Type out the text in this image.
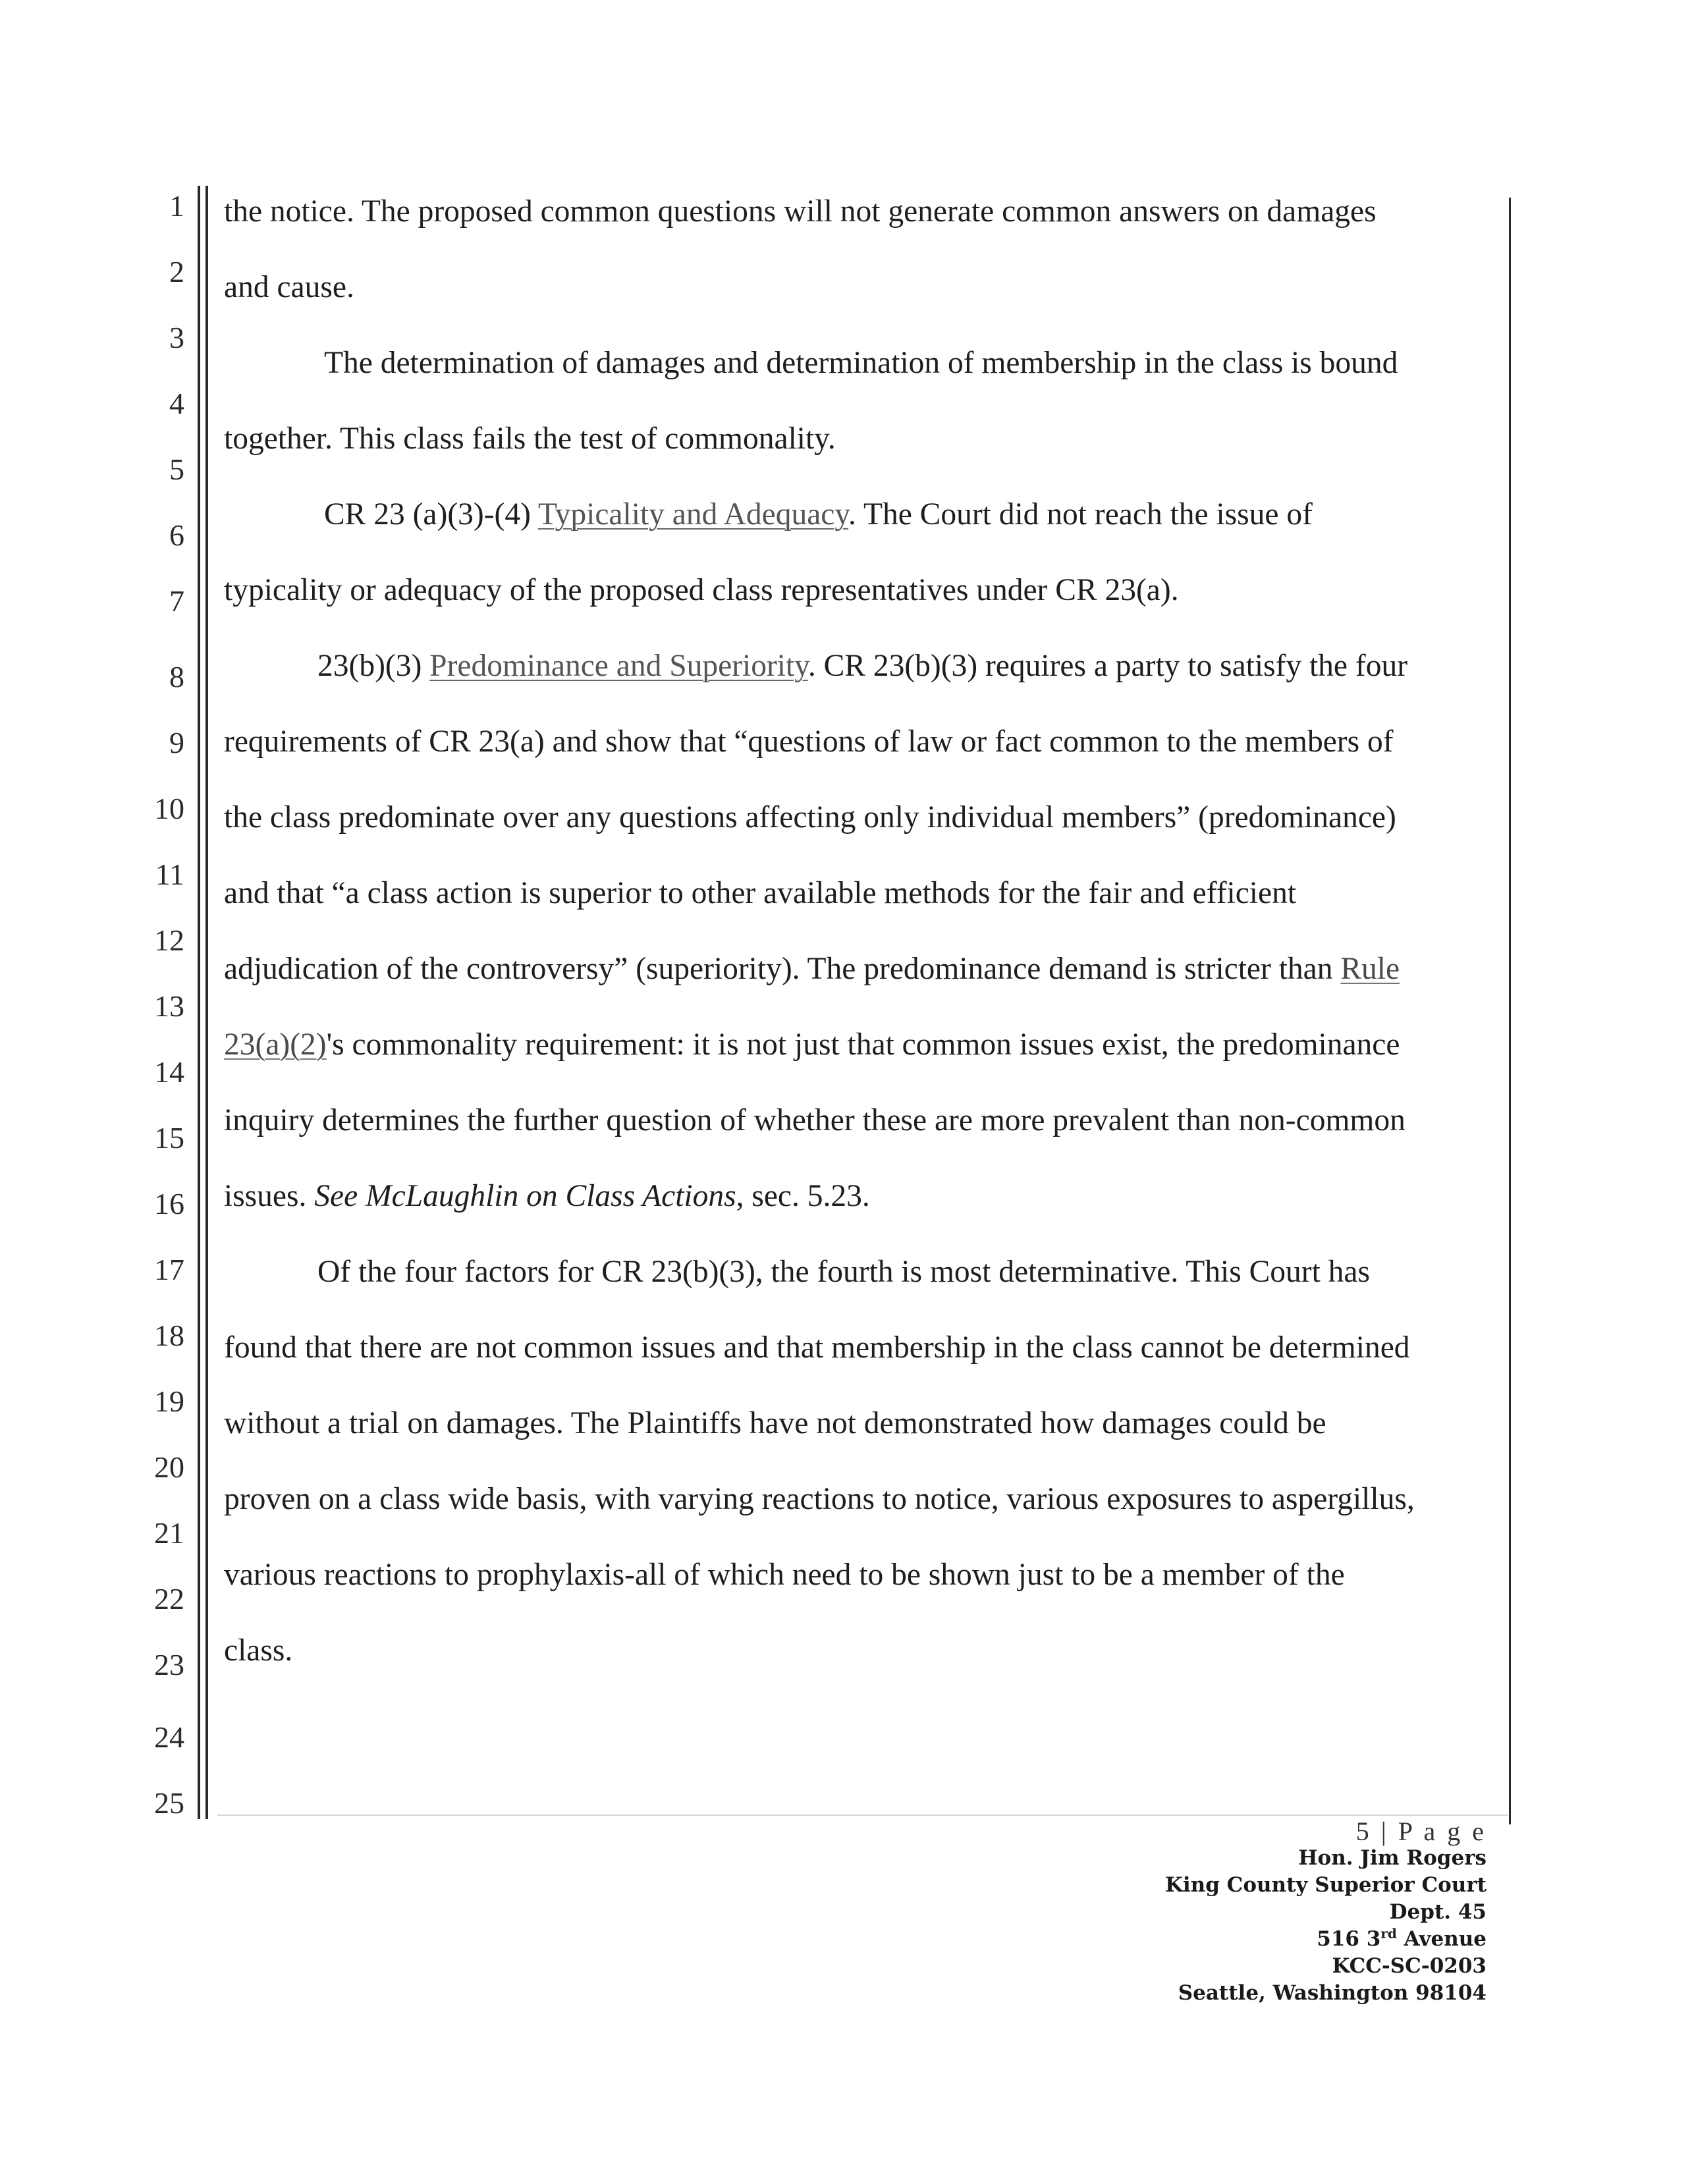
1
2
3
4
5
6
7
8
9
10
11
12
13
14
15
16
17
18
19
20
21
22
23
24
25
the notice. The proposed common questions will not generate common answers on damages
and cause.
The determination of damages and determination of membership in the class is bound
together. This class fails the test of commonality.
CR 23 (a)(3)-(4) Typicality and Adequacy. The Court did not reach the issue of
typicality or adequacy of the proposed class representatives under CR 23(a).
23(b)(3) Predominance and Superiority. CR 23(b)(3) requires a party to satisfy the four
requirements of CR 23(a) and show that “questions of law or fact common to the members of
the class predominate over any questions affecting only individual members” (predominance)
and that “a class action is superior to other available methods for the fair and efficient
adjudication of the controversy” (superiority). The predominance demand is stricter than Rule
23(a)(2)'s commonality requirement: it is not just that common issues exist, the predominance
inquiry determines the further question of whether these are more prevalent than non-common
issues. See McLaughlin on Class Actions, sec. 5.23.
Of the four factors for CR 23(b)(3), the fourth is most determinative. This Court has
found that there are not common issues and that membership in the class cannot be determined
without a trial on damages. The Plaintiffs have not demonstrated how damages could be
proven on a class wide basis, with varying reactions to notice, various exposures to aspergillus,
various reactions to prophylaxis-all of which need to be shown just to be a member of the
class.
5 | P a g e
Hon. Jim Rogers
King County Superior Court
Dept. 45
516 3rd Avenue
KCC-SC-0203
Seattle, Washington 98104
